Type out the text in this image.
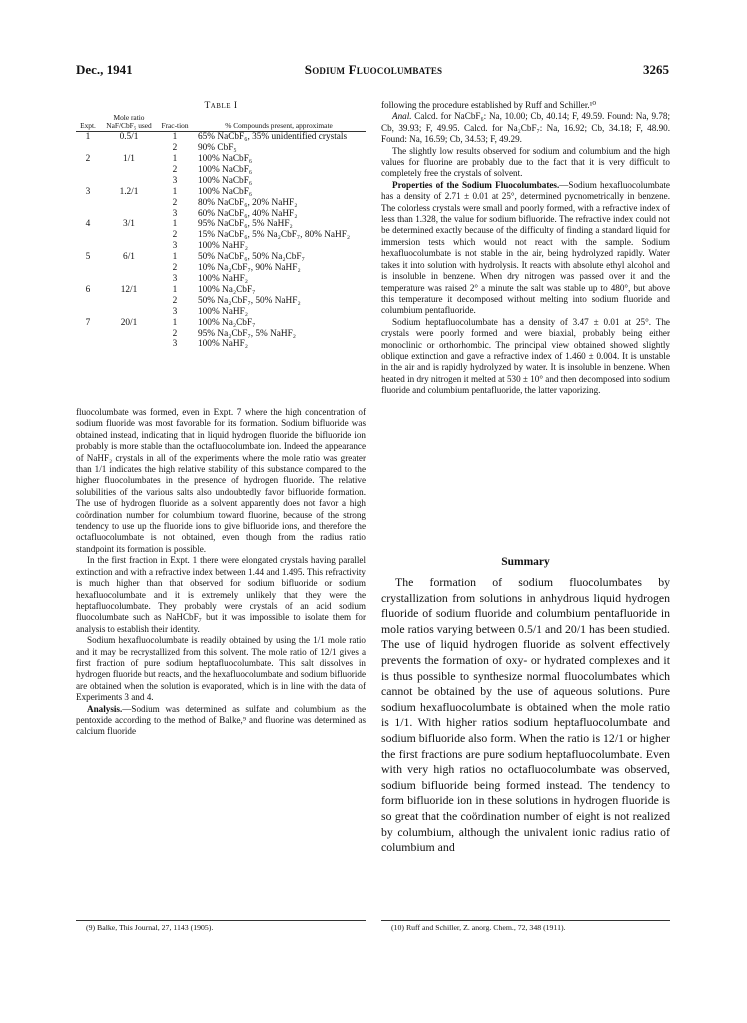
Dec., 1941	Sodium Fluocolumbates	3265
Table I
Expt.	Mole ratio NaF/CbF₅ used	Frac-tion	% Compounds present, approximate
1	0.5/1	1	65% NaCbF₆, 35% unidentified crystals
		2	90% CbF₅
2	1/1	1	100% NaCbF₆
		2	100% NaCbF₆
		3	100% NaCbF₆
3	1.2/1	1	100% NaCbF₆
		2	80% NaCbF₆, 20% NaHF₂
		3	60% NaCbF₆, 40% NaHF₂
4	3/1	1	95% NaCbF₆, 5% NaHF₂
		2	15% NaCbF₆, 5% Na₂CbF₇, 80% NaHF₂
		3	100% NaHF₂
5	6/1	1	50% NaCbF₆, 50% Na₂CbF₇
		2	10% Na₂CbF₇, 90% NaHF₂
		3	100% NaHF₂
6	12/1	1	100% Na₂CbF₇
		2	50% Na₂CbF₇, 50% NaHF₂
		3	100% NaHF₂
7	20/1	1	100% Na₂CbF₇
		2	95% Na₂CbF₇, 5% NaHF₂
		3	100% NaHF₂

fluocolumbate was formed, even in Expt. 7 where the high concentration of sodium fluoride was most favorable for its formation. Sodium bifluoride was obtained instead, indicating that in liquid hydrogen fluoride the bifluoride ion probably is more stable than the octafluocolumbate ion. Indeed the appearance of NaHF₂ crystals in all of the experiments where the mole ratio was greater than 1/1 indicates the high relative stability of this substance compared to the higher fluocolumbates in the presence of hydrogen fluoride. The relative solubilities of the various salts also undoubtedly favor bifluoride formation. The use of hydrogen fluoride as a solvent apparently does not favor a high coördination number for columbium toward fluorine, because of the strong tendency to use up the fluoride ions to give bifluoride ions, and therefore the octafluocolumbate is not obtained, even though from the radius ratio standpoint its formation is possible.

In the first fraction in Expt. 1 there were elongated crystals having parallel extinction and with a refractive index between 1.44 and 1.495. This refractivity is much higher than that observed for sodium bifluoride or sodium hexafluocolumbate and it is extremely unlikely that they were the heptafluocolumbate. They probably were crystals of an acid sodium fluocolumbate such as NaHCbF₇ but it was impossible to isolate them for analysis to establish their identity.

Sodium hexafluocolumbate is readily obtained by using the 1/1 mole ratio and it may be recrystallized from this solvent. The mole ratio of 12/1 gives a first fraction of pure sodium heptafluocolumbate. This salt dissolves in hydrogen fluoride but reacts, and the hexafluocolumbate and sodium bifluoride are obtained when the solution is evaporated, which is in line with the data of Experiments 3 and 4.

Analysis.—Sodium was determined as sulfate and columbium as the pentoxide according to the method of Balke,⁹ and fluorine was determined as calcium fluoride

(9) Balke, This Journal, 27, 1143 (1905).

following the procedure established by Ruff and Schiller.¹⁰

Anal. Calcd. for NaCbF₆: Na, 10.00; Cb, 40.14; F, 49.59. Found: Na, 9.78; Cb, 39.93; F, 49.95. Calcd. for Na₂CbF₇: Na, 16.92; Cb, 34.18; F, 48.90. Found: Na, 16.59; Cb, 34.53; F, 49.29.

The slightly low results observed for sodium and columbium and the high values for fluorine are probably due to the fact that it is very difficult to completely free the crystals of solvent.

Properties of the Sodium Fluocolumbates.—Sodium hexafluocolumbate has a density of 2.71 ± 0.01 at 25°, determined pycnometrically in benzene. The colorless crystals were small and poorly formed, with a refractive index of less than 1.328, the value for sodium bifluoride. The refractive index could not be determined exactly because of the difficulty of finding a standard liquid for immersion tests which would not react with the sample. Sodium hexafluocolumbate is not stable in the air, being hydrolyzed rapidly. Water takes it into solution with hydrolysis. It reacts with absolute ethyl alcohol and is insoluble in benzene. When dry nitrogen was passed over it and the temperature was raised 2° a minute the salt was stable up to 480°, but above this temperature it decomposed without melting into sodium fluoride and columbium pentafluoride.

Sodium heptafluocolumbate has a density of 3.47 ± 0.01 at 25°. The crystals were poorly formed and were biaxial, probably being either monoclinic or orthorhombic. The principal view obtained showed slightly oblique extinction and gave a refractive index of 1.460 ± 0.004. It is unstable in the air and is rapidly hydrolyzed by water. It is insoluble in benzene. When heated in dry nitrogen it melted at 530 ± 10° and then decomposed into sodium fluoride and columbium pentafluoride, the latter vaporizing.

Summary

The formation of sodium fluocolumbates by crystallization from solutions in anhydrous liquid hydrogen fluoride of sodium fluoride and columbium pentafluoride in mole ratios varying between 0.5/1 and 20/1 has been studied. The use of liquid hydrogen fluoride as solvent effectively prevents the formation of oxy- or hydrated complexes and it is thus possible to synthesize normal fluocolumbates which cannot be obtained by the use of aqueous solutions. Pure sodium hexafluocolumbate is obtained when the mole ratio is 1/1. With higher ratios sodium heptafluocolumbate and sodium bifluoride also form. When the ratio is 12/1 or higher the first fractions are pure sodium heptafluocolumbate. Even with very high ratios no octafluocolumbate was observed, sodium bifluoride being formed instead. The tendency to form bifluoride ion in these solutions in hydrogen fluoride is so great that the coördination number of eight is not realized by columbium, although the univalent ionic radius ratio of columbium and

(10) Ruff and Schiller, Z. anorg. Chem., 72, 348 (1911).
